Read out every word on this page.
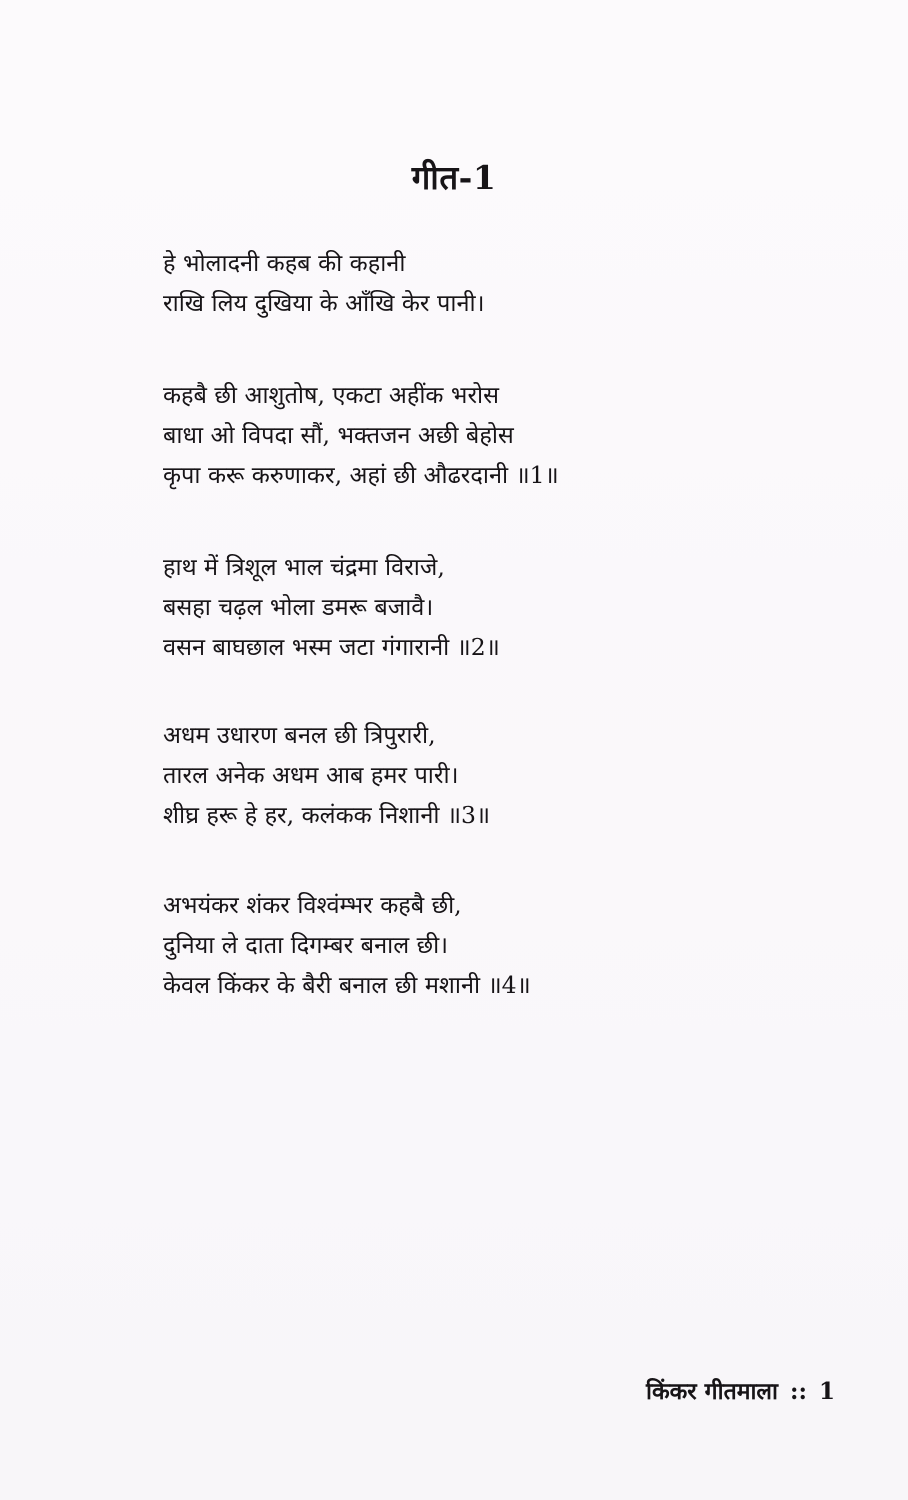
गीत-1
हे भोलादनी कहब की कहानी
राखि लिय दुखिया के आँखि केर पानी।
कहबै छी आशुतोष, एकटा अहींक भरोस
बाधा ओ विपदा सौं, भक्तजन अछी बेहोस
कृपा करू करुणाकर, अहां छी औढरदानी ॥1॥
हाथ में त्रिशूल भाल चंद्रमा विराजे,
बसहा चढ़ल भोला डमरू बजावै।
वसन बाघछाल भस्म जटा गंगारानी ॥2॥
अधम उधारण बनल छी त्रिपुरारी,
तारल अनेक अधम आब हमर पारी।
शीघ्र हरू हे हर, कलंकक निशानी ॥3॥
अभयंकर शंकर विश्वंम्भर कहबै छी,
दुनिया ले दाता दिगम्बर बनाल छी।
केवल किंकर के बैरी बनाल छी मशानी ॥4॥
किंकर गीतमाला :: 1
